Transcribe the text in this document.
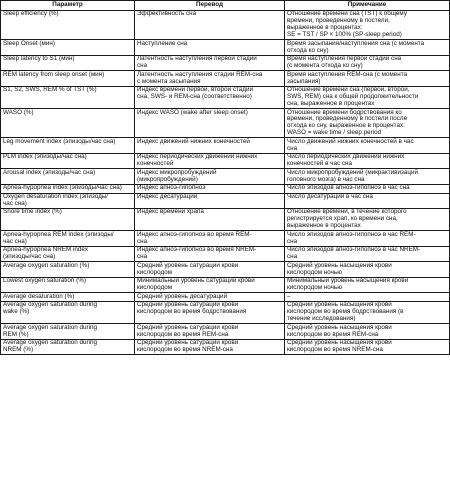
Параметр	Перевод	Примечание
Sleep efficiency (%)	Эффективность сна	Отношение времени сна (TST) к общему
времени, проведенному в постели,
выраженное в процентах:
SE = TST / SP × 100% (SP-sleep period)
Sleep Onset (мин)	Наступление сна	Время засыпания/наступления сна (с момента
отхода ко сну)
Sleep latency to S1 (мин)	Латентность наступления первой стадии
сна	Время наступления первой стадии сна
(с момента отхода ко сну)
REM latency from sleep onset (мин)	Латентность наступления стадии REM-сна
с момента засыпания	Время наступления REM-сна (с момента
засыпания)
S1, S2, SWS, REM % of TST (%)	Индекс времени первой, второй стадий
сна, SWS- и REM-сна (соответственно)	Отношение времени сна (первой, второй,
SWS, REM) сна к общей продолжительности
сна, выраженное в процентах
WASO (%)	Индекс WASO (wake after sleep onset)	Отношение времени бодрствования ко
времени, проведенному в постели после
отхода ко сну, выраженное в процентах:
WASO = wake time / sleep period
Leg movement index (эпизоды/час сна)	Индекс движений нижних конечностей	Число движений нижних конечностей в час
сна
PLM index (эпизоды/час сна)	Индекс периодических движений нижних
конечностей	Число периодических движений нижних
конечностей в час сна
Arousal index (эпизоды/час сна)	Индекс микропробуждений
(микропробуждений)	Число микропробуждений (микрактивизаций
головного мозга) в час сна
Apnea-hypopnea index (эпизоды/час сна)	Индекс апноэ-гипопноэ	Число эпизодов апноэ-гипопноэ в час сна
Oxygen desaturation index (эпизоды/
час сна)	Индекс десатураций	Число десатураций в час сна
Snore time index (%)	Индекс времени храпа	Отношение времени, в течение которого
регистрируется храп, ко времени сна,
выраженное в процентах
Apnea-hypopnea REM index (эпизоды/
час сна)	Индекс апноэ-гипопноэ во время REM-
сна	Число эпизодов апноэ-гипопноэ в час REM-
сна
Apnea-hypopnea NREM index
(эпизоды/час сна)	Индекс апноэ-гипопноэ во время NREM-
сна	Число эпизодов апноэ-гипопноэ в час NREM-
сна
Average oxygen saturation (%)	Средний уровень сатурации крови
кислородом	Средний уровень насыщения крови
кислородом ночью
Lowest oxygen saturation (%)	Минимальный уровень сатурации крови
кислородом	Минимальный уровень насыщения крови
кислородом ночью
Average desaturation (%)	Средний уровень десатураций	–
Average oxygen saturation during
wake (%)	Средний уровень сатурации крови
кислородом во время бодрствования	Средний уровень насыщения крови
кислородом во время бодрствования (в
течение исследования)
Average oxygen saturation during
REM (%)	Средний уровень сатурации крови
кислородом во время REM-сна	Средний уровень насыщения крови
кислородом во время REM-сна
Average oxygen saturation during
NREM (%)	Средний уровень сатурации крови
кислородом во время NREM-сна	Средний уровень насыщения крови
кислородом во время NREM-сна
